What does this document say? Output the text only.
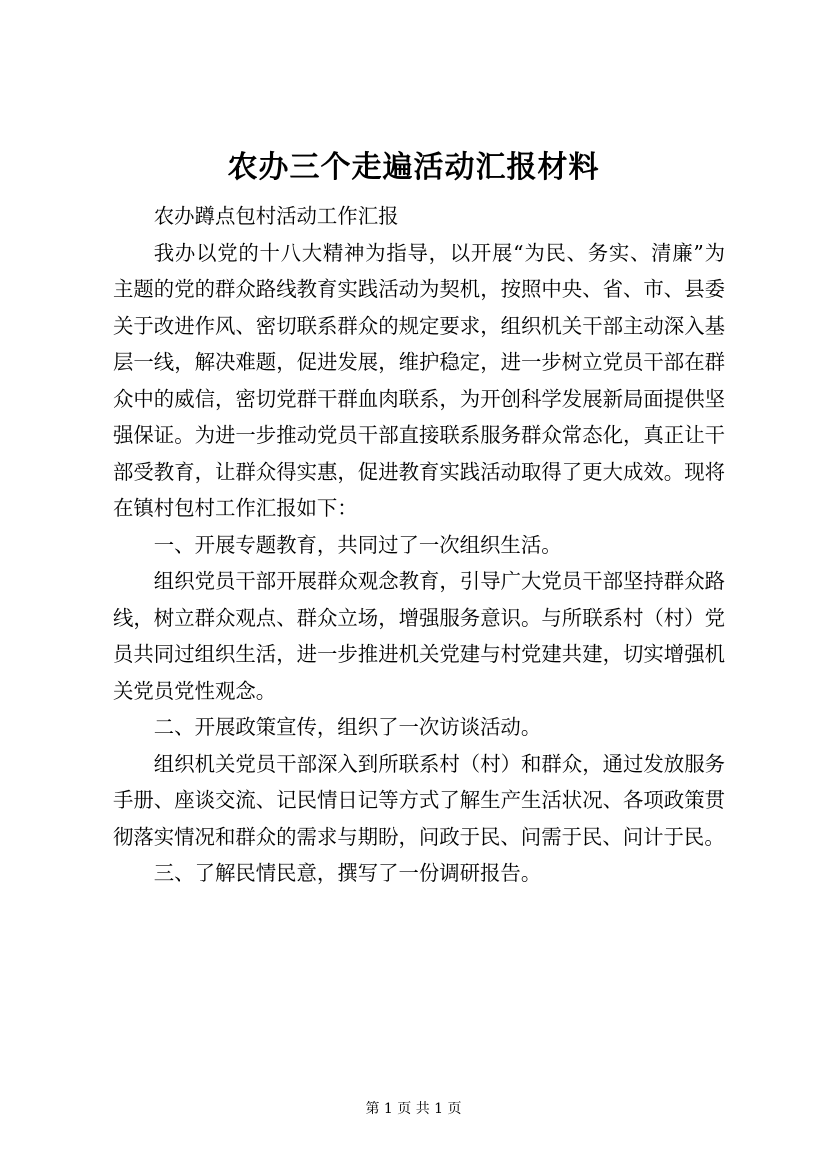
农办三个走遍活动汇报材料

农办蹲点包村活动工作汇报

我办以党的十八大精神为指导，以开展“为民、务实、清廉”为主题的党的群众路线教育实践活动为契机，按照中央、省、市、县委关于改进作风、密切联系群众的规定要求，组织机关干部主动深入基层一线，解决难题，促进发展，维护稳定，进一步树立党员干部在群众中的威信，密切党群干群血肉联系，为开创科学发展新局面提供坚强保证。为进一步推动党员干部直接联系服务群众常态化，真正让干部受教育，让群众得实惠，促进教育实践活动取得了更大成效。现将在镇村包村工作汇报如下：

一、开展专题教育，共同过了一次组织生活。

组织党员干部开展群众观念教育，引导广大党员干部坚持群众路线，树立群众观点、群众立场，增强服务意识。与所联系村（村）党员共同过组织生活，进一步推进机关党建与村党建共建，切实增强机关党员党性观念。

二、开展政策宣传，组织了一次访谈活动。

组织机关党员干部深入到所联系村（村）和群众，通过发放服务手册、座谈交流、记民情日记等方式了解生产生活状况、各项政策贯彻落实情况和群众的需求与期盼，问政于民、问需于民、问计于民。

三、了解民情民意，撰写了一份调研报告。

第 1 页 共 1 页
